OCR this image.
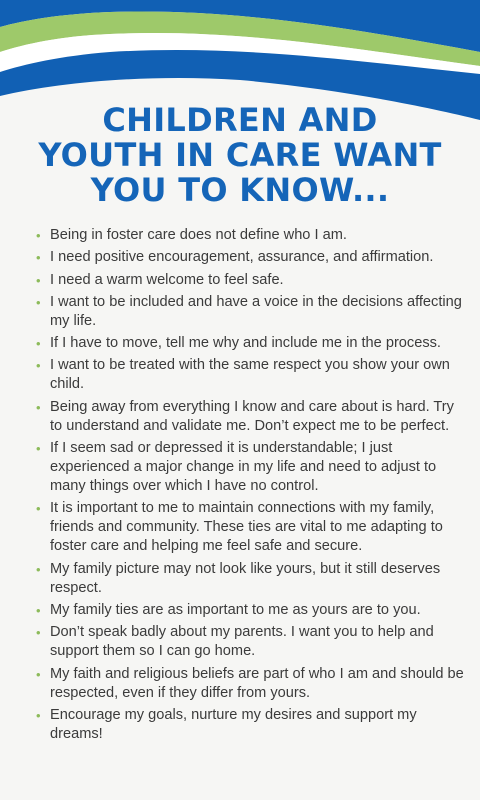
CHILDREN AND
YOUTH IN CARE WANT
YOU TO KNOW...
• Being in foster care does not define who I am.
• I need positive encouragement, assurance, and affirmation.
• I need a warm welcome to feel safe.
• I want to be included and have a voice in the decisions affecting my life.
• If I have to move, tell me why and include me in the process.
• I want to be treated with the same respect you show your own child.
• Being away from everything I know and care about is hard. Try to understand and validate me. Don’t expect me to be perfect.
• If I seem sad or depressed it is understandable; I just experienced a major change in my life and need to adjust to many things over which I have no control.
• It is important to me to maintain connections with my family, friends and community. These ties are vital to me adapting to foster care and helping me feel safe and secure.
• My family picture may not look like yours, but it still deserves respect.
• My family ties are as important to me as yours are to you.
• Don’t speak badly about my parents. I want you to help and support them so I can go home.
• My faith and religious beliefs are part of who I am and should be respected, even if they differ from yours.
• Encourage my goals, nurture my desires and support my dreams!
